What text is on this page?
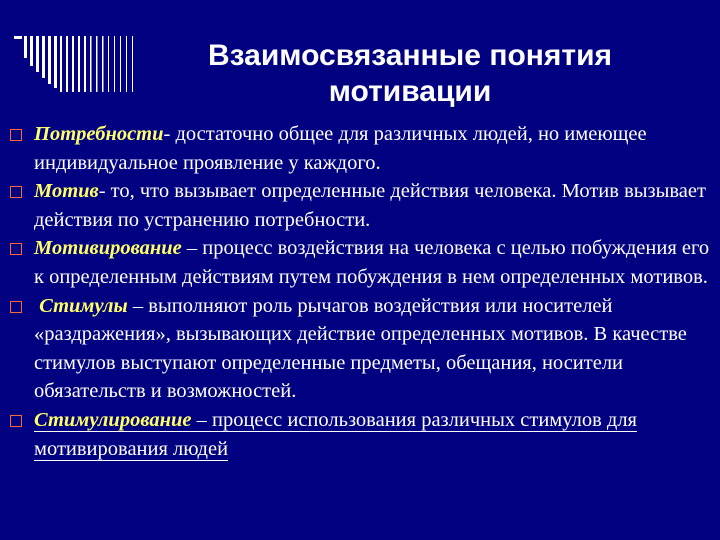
Взаимосвязанные понятия
мотивации
Потребности- достаточно общее для различных людей, но имеющее индивидуальное проявление у каждого.
Мотив- то, что вызывает определенные действия человека. Мотив вызывает действия по устранению потребности.
Мотивирование – процесс воздействия на человека с целью побуждения его к определенным действиям путем побуждения в нем определенных мотивов.
Стимулы – выполняют роль рычагов воздействия или носителей «раздражения», вызывающих действие определенных мотивов. В качестве стимулов выступают определенные предметы, обещания, носители обязательств и возможностей.
Стимулирование – процесс использования различных стимулов для мотивирования людей
